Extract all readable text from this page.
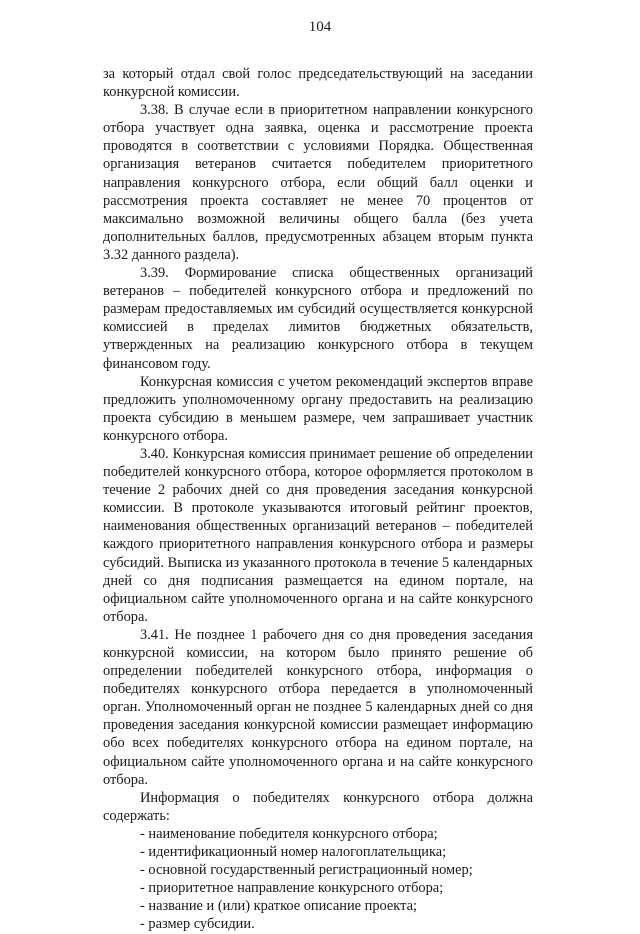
104

за который отдал свой голос председательствующий на заседании конкурсной комиссии.

3.38. В случае если в приоритетном направлении конкурсного отбора участвует одна заявка, оценка и рассмотрение проекта проводятся в соответствии с условиями Порядка. Общественная организация ветеранов считается победителем приоритетного направления конкурсного отбора, если общий балл оценки и рассмотрения проекта составляет не менее 70 процентов от максимально возможной величины общего балла (без учета дополнительных баллов, предусмотренных абзацем вторым пункта 3.32 данного раздела).

3.39. Формирование списка общественных организаций ветеранов – победителей конкурсного отбора и предложений по размерам предоставляемых им субсидий осуществляется конкурсной комиссией в пределах лимитов бюджетных обязательств, утвержденных на реализацию конкурсного отбора в текущем финансовом году.

Конкурсная комиссия с учетом рекомендаций экспертов вправе предложить уполномоченному органу предоставить на реализацию проекта субсидию в меньшем размере, чем запрашивает участник конкурсного отбора.

3.40. Конкурсная комиссия принимает решение об определении победителей конкурсного отбора, которое оформляется протоколом в течение 2 рабочих дней со дня проведения заседания конкурсной комиссии. В протоколе указываются итоговый рейтинг проектов, наименования общественных организаций ветеранов – победителей каждого приоритетного направления конкурсного отбора и размеры субсидий. Выписка из указанного протокола в течение 5 календарных дней со дня подписания размещается на едином портале, на официальном сайте уполномоченного органа и на сайте конкурсного отбора.

3.41. Не позднее 1 рабочего дня со дня проведения заседания конкурсной комиссии, на котором было принято решение об определении победителей конкурсного отбора, информация о победителях конкурсного отбора передается в уполномоченный орган. Уполномоченный орган не позднее 5 календарных дней со дня проведения заседания конкурсной комиссии размещает информацию обо всех победителях конкурсного отбора на едином портале, на официальном сайте уполномоченного органа и на сайте конкурсного отбора.

Информация о победителях конкурсного отбора должна содержать:

- наименование победителя конкурсного отбора;
- идентификационный номер налогоплательщика;
- основной государственный регистрационный номер;
- приоритетное направление конкурсного отбора;
- название и (или) краткое описание проекта;
- размер субсидии.
